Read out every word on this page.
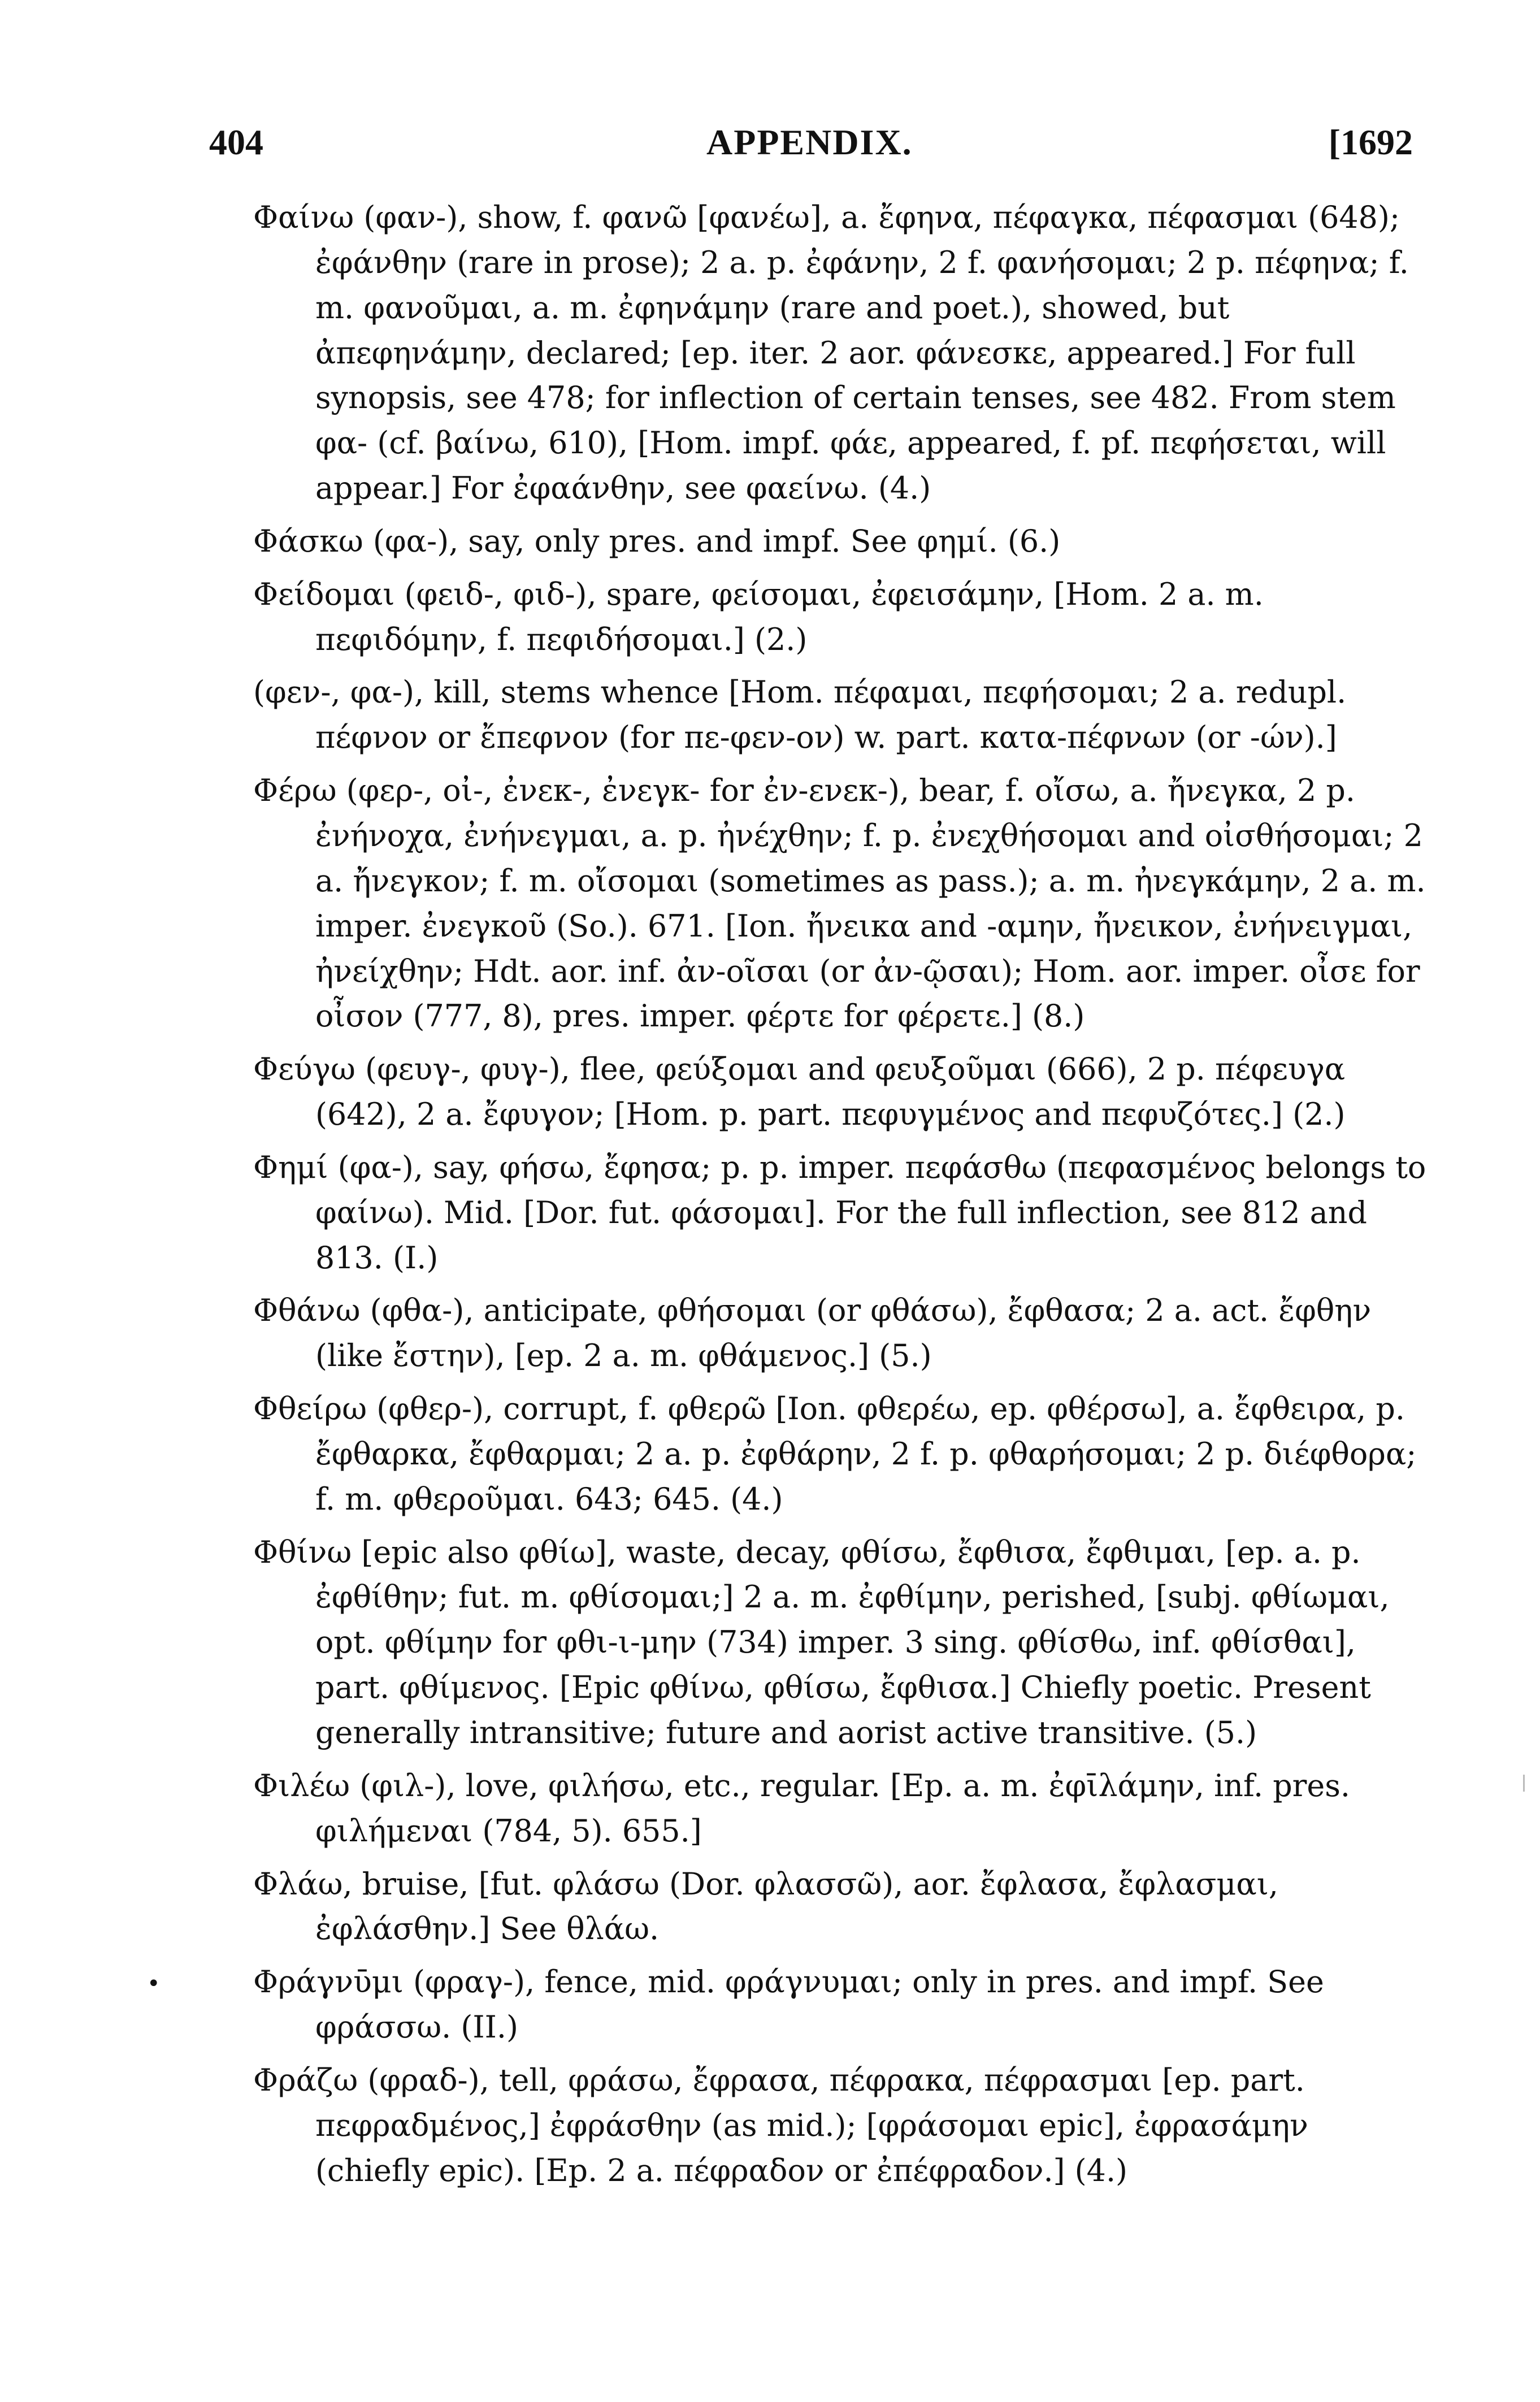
404	APPENDIX.	[1692
Φαίνω (φαν-), show, f. φανῶ [φανέω], a. ἔφηνα, πέφαγκα, πέφασμαι (648); ἐφάνθην (rare in prose); 2 a. p. ἐφάνην, 2 f. φανήσομαι; 2 p. πέφηνα; f. m. φανοῦμαι, a. m. ἐφηνάμην (rare and poet.), showed, but ἀπεφηνάμην, declared; [ep. iter. 2 aor. φάνεσκε, appeared.] For full synopsis, see 478; for inflection of certain tenses, see 482. From stem φα- (cf. βαίνω, 610), [Hom. impf. φάε, appeared, f. pf. πεφήσεται, will appear.] For ἐφαάνθην, see φαείνω. (4.)
Φάσκω (φα-), say, only pres. and impf. See φημί. (6.)
Φείδομαι (φειδ-, φιδ-), spare, φείσομαι, ἐφεισάμην, [Hom. 2 a. m. πεφιδόμην, f. πεφιδήσομαι.] (2.)
(φεν-, φα-), kill, stems whence [Hom. πέφαμαι, πεφήσομαι; 2 a. redupl. πέφνον or ἔπεφνον (for πε-φεν-ον) w. part. κατα-πέφνων (or -ών).]
Φέρω (φερ-, οἰ-, ἐνεκ-, ἐνεγκ- for ἐν-ενεκ-), bear, f. οἴσω, a. ἤνεγκα, 2 p. ἐνήνοχα, ἐνήνεγμαι, a. p. ἠνέχθην; f. p. ἐνεχθήσομαι and οἰσθήσομαι; 2 a. ἤνεγκον; f. m. οἴσομαι (sometimes as pass.); a. m. ἠνεγκάμην, 2 a. m. imper. ἐνεγκοῦ (So.). 671. [Ion. ἤνεικα and -αμην, ἤνεικον, ἐνήνειγμαι, ἠνείχθην; Hdt. aor. inf. ἀν-οῖσαι (or ἀν-ῷσαι); Hom. aor. imper. οἶσε for οἶσον (777, 8), pres. imper. φέρτε for φέρετε.] (8.)
Φεύγω (φευγ-, φυγ-), flee, φεύξομαι and φευξοῦμαι (666), 2 p. πέφευγα (642), 2 a. ἔφυγον; [Hom. p. part. πεφυγμένος and πεφυζότες.] (2.)
Φημί (φα-), say, φήσω, ἔφησα; p. p. imper. πεφάσθω (πεφασμένος belongs to φαίνω). Mid. [Dor. fut. φάσομαι]. For the full inflection, see 812 and 813. (I.)
Φθάνω (φθα-), anticipate, φθήσομαι (or φθάσω), ἔφθασα; 2 a. act. ἔφθην (like ἔστην), [ep. 2 a. m. φθάμενος.] (5.)
Φθείρω (φθερ-), corrupt, f. φθερῶ [Ion. φθερέω, ep. φθέρσω], a. ἔφθειρα, p. ἔφθαρκα, ἔφθαρμαι; 2 a. p. ἐφθάρην, 2 f. p. φθαρήσομαι; 2 p. διέφθορα; f. m. φθεροῦμαι. 643; 645. (4.)
Φθίνω [epic also φθίω], waste, decay, φθίσω, ἔφθισα, ἔφθιμαι, [ep. a. p. ἐφθίθην; fut. m. φθίσομαι;] 2 a. m. ἐφθίμην, perished, [subj. φθίωμαι, opt. φθίμην for φθι-ι-μην (734) imper. 3 sing. φθίσθω, inf. φθίσθαι], part. φθίμενος. [Epic φθίνω, φθίσω, ἔφθισα.] Chiefly poetic. Present generally intransitive; future and aorist active transitive. (5.)
Φιλέω (φιλ-), love, φιλήσω, etc., regular. [Ep. a. m. ἐφῑλάμην, inf. pres. φιλήμεναι (784, 5). 655.]
Φλάω, bruise, [fut. φλάσω (Dor. φλασσῶ), aor. ἔφλασα, ἔφλασμαι, ἐφλάσθην.] See θλάω.
Φράγνῡμι (φραγ-), fence, mid. φράγνυμαι; only in pres. and impf. See φράσσω. (II.)
Φράζω (φραδ-), tell, φράσω, ἔφρασα, πέφρακα, πέφρασμαι [ep. part. πεφραδμένος,] ἐφράσθην (as mid.); [φράσομαι epic], ἐφρασάμην (chiefly epic). [Ep. 2 a. πέφραδον or ἐπέφραδον.] (4.)
•
